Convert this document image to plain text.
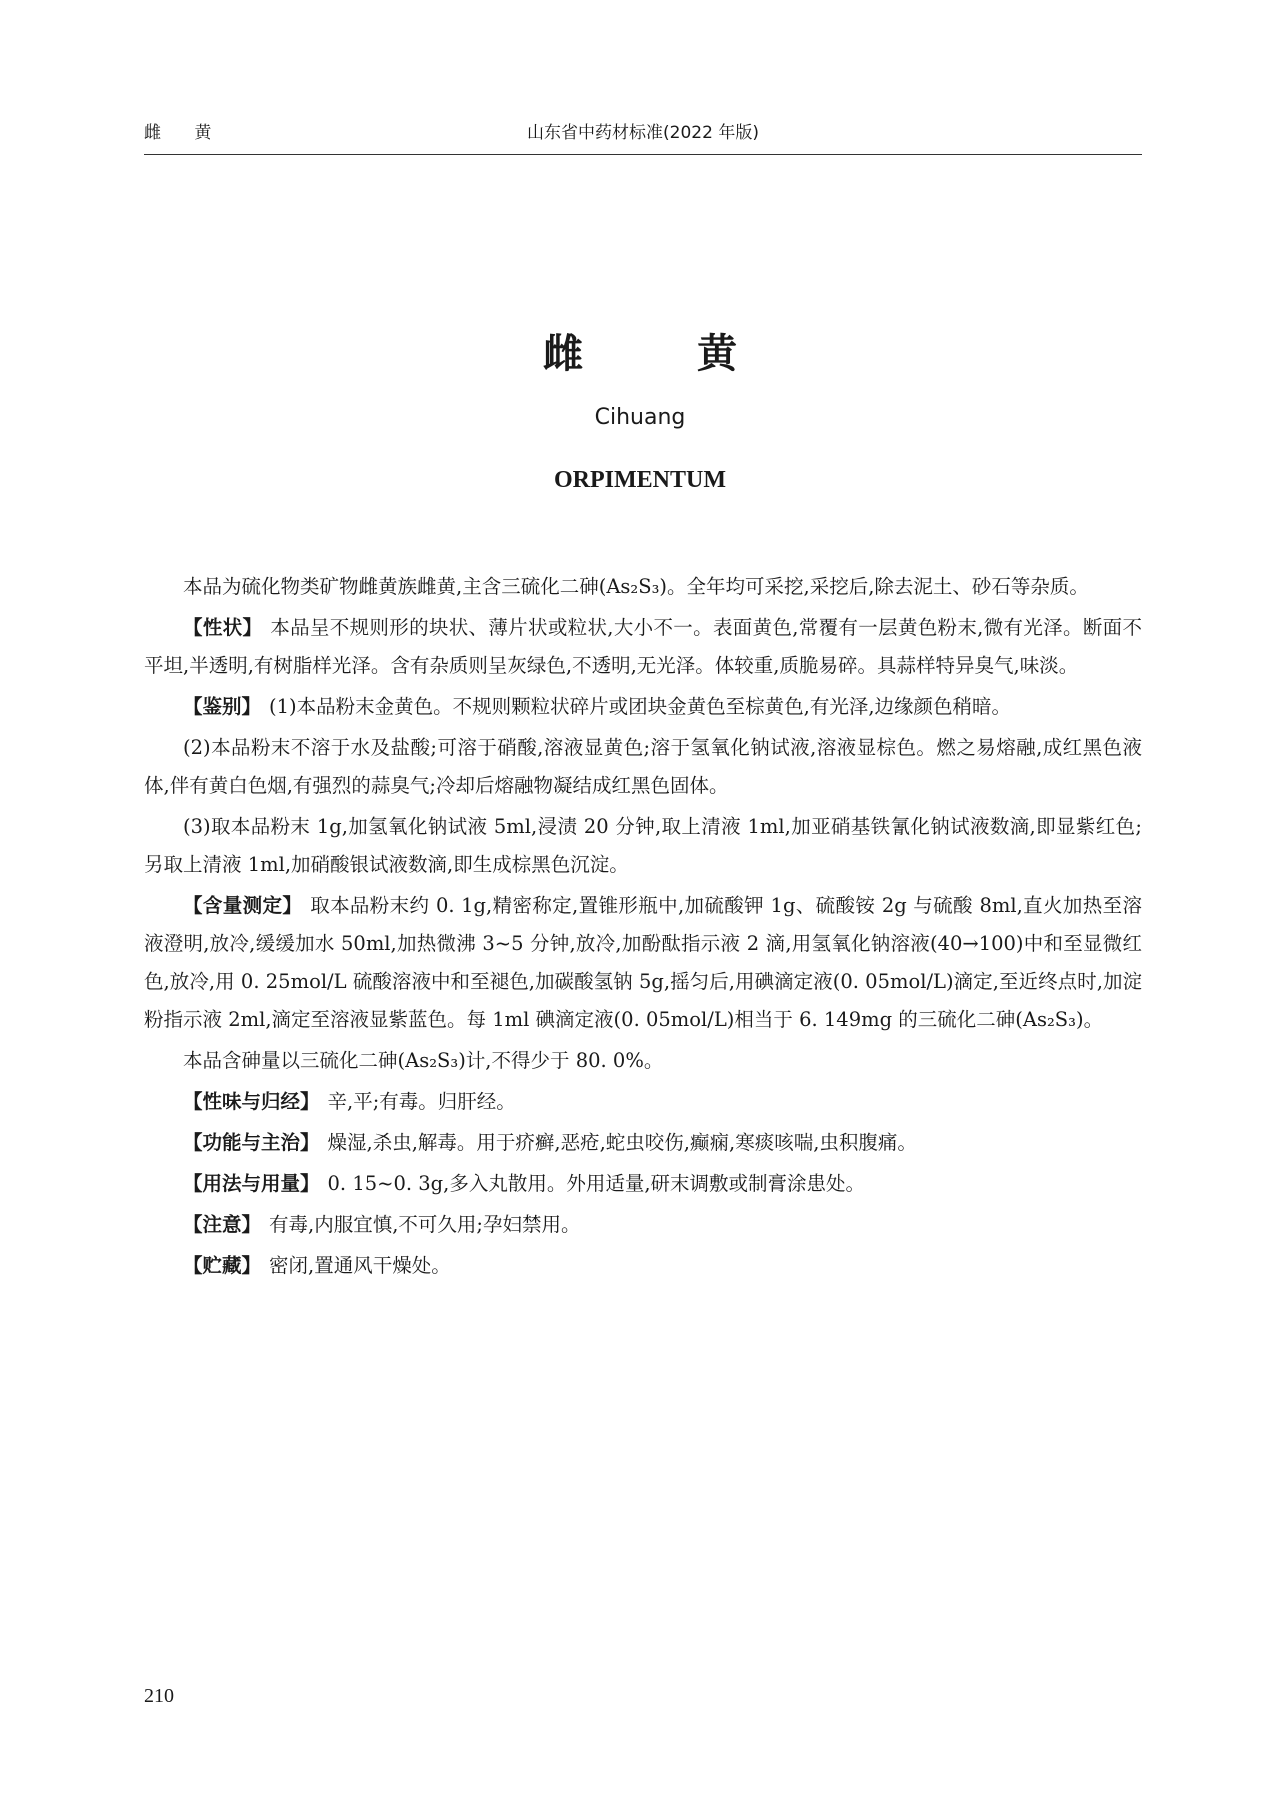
雌 黄	山东省中药材标准(2022 年版)
雌 黄
Cihuang
ORPIMENTUM

本品为硫化物类矿物雌黄族雌黄,主含三硫化二砷(As₂S₃)。全年均可采挖,采挖后,除去泥土、砂石等杂质。

【性状】 本品呈不规则形的块状、薄片状或粒状,大小不一。表面黄色,常覆有一层黄色粉末,微有光泽。断面不平坦,半透明,有树脂样光泽。含有杂质则呈灰绿色,不透明,无光泽。体较重,质脆易碎。具蒜样特异臭气,味淡。

【鉴别】 (1)本品粉末金黄色。不规则颗粒状碎片或团块金黄色至棕黄色,有光泽,边缘颜色稍暗。

(2)本品粉末不溶于水及盐酸;可溶于硝酸,溶液显黄色;溶于氢氧化钠试液,溶液显棕色。燃之易熔融,成红黑色液体,伴有黄白色烟,有强烈的蒜臭气;冷却后熔融物凝结成红黑色固体。

(3)取本品粉末 1g,加氢氧化钠试液 5ml,浸渍 20 分钟,取上清液 1ml,加亚硝基铁氰化钠试液数滴,即显紫红色;另取上清液 1ml,加硝酸银试液数滴,即生成棕黑色沉淀。

【含量测定】 取本品粉末约 0. 1g,精密称定,置锥形瓶中,加硫酸钾 1g、硫酸铵 2g 与硫酸 8ml,直火加热至溶液澄明,放冷,缓缓加水 50ml,加热微沸 3~5 分钟,放冷,加酚酞指示液 2 滴,用氢氧化钠溶液(40→100)中和至显微红色,放冷,用 0. 25mol/L 硫酸溶液中和至褪色,加碳酸氢钠 5g,摇匀后,用碘滴定液(0. 05mol/L)滴定,至近终点时,加淀粉指示液 2ml,滴定至溶液显紫蓝色。每 1ml 碘滴定液(0. 05mol/L)相当于 6. 149mg 的三硫化二砷(As₂S₃)。

本品含砷量以三硫化二砷(As₂S₃)计,不得少于 80. 0%。

【性味与归经】 辛,平;有毒。归肝经。

【功能与主治】 燥湿,杀虫,解毒。用于疥癣,恶疮,蛇虫咬伤,癫痫,寒痰咳喘,虫积腹痛。

【用法与用量】 0. 15~0. 3g,多入丸散用。外用适量,研末调敷或制膏涂患处。

【注意】 有毒,内服宜慎,不可久用;孕妇禁用。

【贮藏】 密闭,置通风干燥处。

210
